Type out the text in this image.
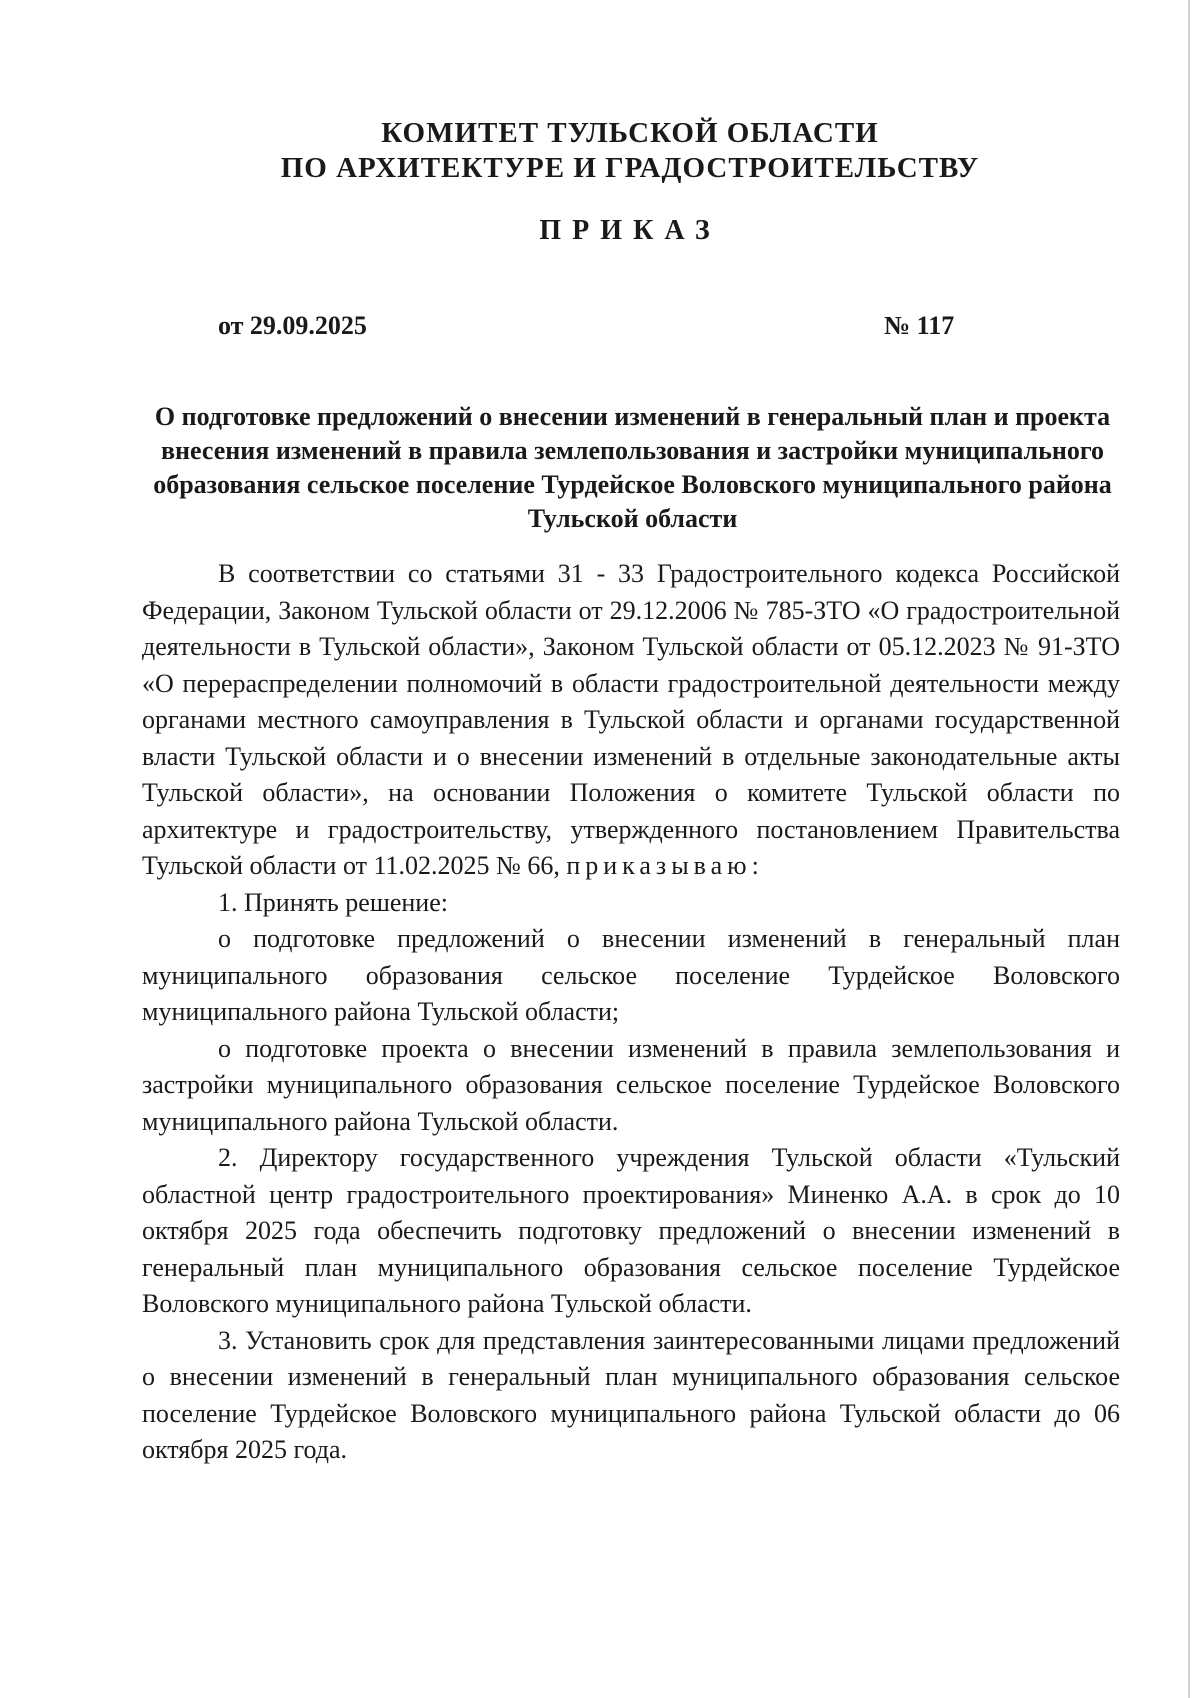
КОМИТЕТ ТУЛЬСКОЙ ОБЛАСТИ
ПО АРХИТЕКТУРЕ И ГРАДОСТРОИТЕЛЬСТВУ
ПРИКАЗ
от 29.09.2025	№ 117
О подготовке предложений о внесении изменений в генеральный план и проекта внесения изменений в правила землепользования и застройки муниципального образования сельское поселение Турдейское Воловского муниципального района Тульской области

В соответствии со статьями 31 - 33 Градостроительного кодекса Российской Федерации, Законом Тульской области от 29.12.2006 № 785-ЗТО «О градостроительной деятельности в Тульской области», Законом Тульской области от 05.12.2023 № 91-ЗТО «О перераспределении полномочий в области градостроительной деятельности между органами местного самоуправления в Тульской области и органами государственной власти Тульской области и о внесении изменений в отдельные законодательные акты Тульской области», на основании Положения о комитете Тульской области по архитектуре и градостроительству, утвержденного постановлением Правительства Тульской области от 11.02.2025 № 66, приказываю:

1. Принять решение:

о подготовке предложений о внесении изменений в генеральный план муниципального образования сельское поселение Турдейское Воловского муниципального района Тульской области;

о подготовке проекта о внесении изменений в правила землепользования и застройки муниципального образования сельское поселение Турдейское Воловского муниципального района Тульской области.

2. Директору государственного учреждения Тульской области «Тульский областной центр градостроительного проектирования» Миненко А.А. в срок до 10 октября 2025 года обеспечить подготовку предложений о внесении изменений в генеральный план муниципального образования сельское поселение Турдейское Воловского муниципального района Тульской области.

3. Установить срок для представления заинтересованными лицами предложений о внесении изменений в генеральный план муниципального образования сельское поселение Турдейское Воловского муниципального района Тульской области до 06 октября 2025 года.
